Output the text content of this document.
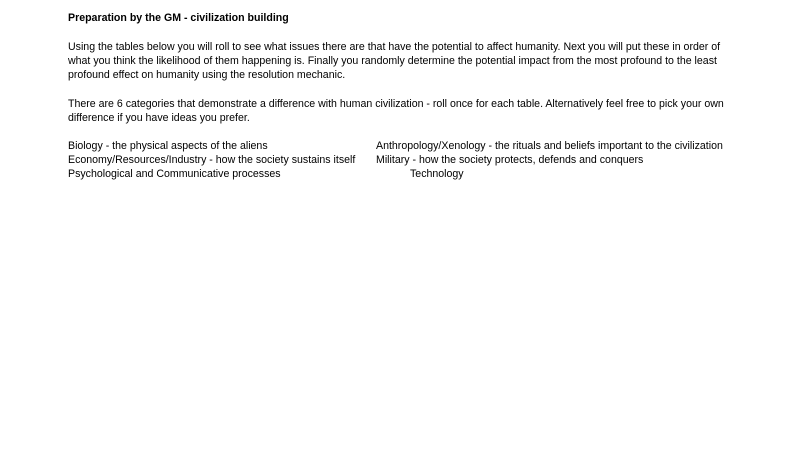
Preparation by the GM - civilization building

Using the tables below you will roll to see what issues there are that have the potential to affect humanity. Next you will put these in order of
what you think the likelihood of them happening is. Finally you randomly determine the potential impact from the most profound to the least
profound effect on humanity using the resolution mechanic.

There are 6 categories that demonstrate a difference with human civilization - roll once for each table. Alternatively feel free to pick your own
difference if you have ideas you prefer.

Biology - the physical aspects of the aliens	Anthropology/Xenology - the rituals and beliefs important to the civilization
Economy/Resources/Industry - how the society sustains itself Military - how the society protects, defends and conquers
Psychological and Communicative processes	Technology
